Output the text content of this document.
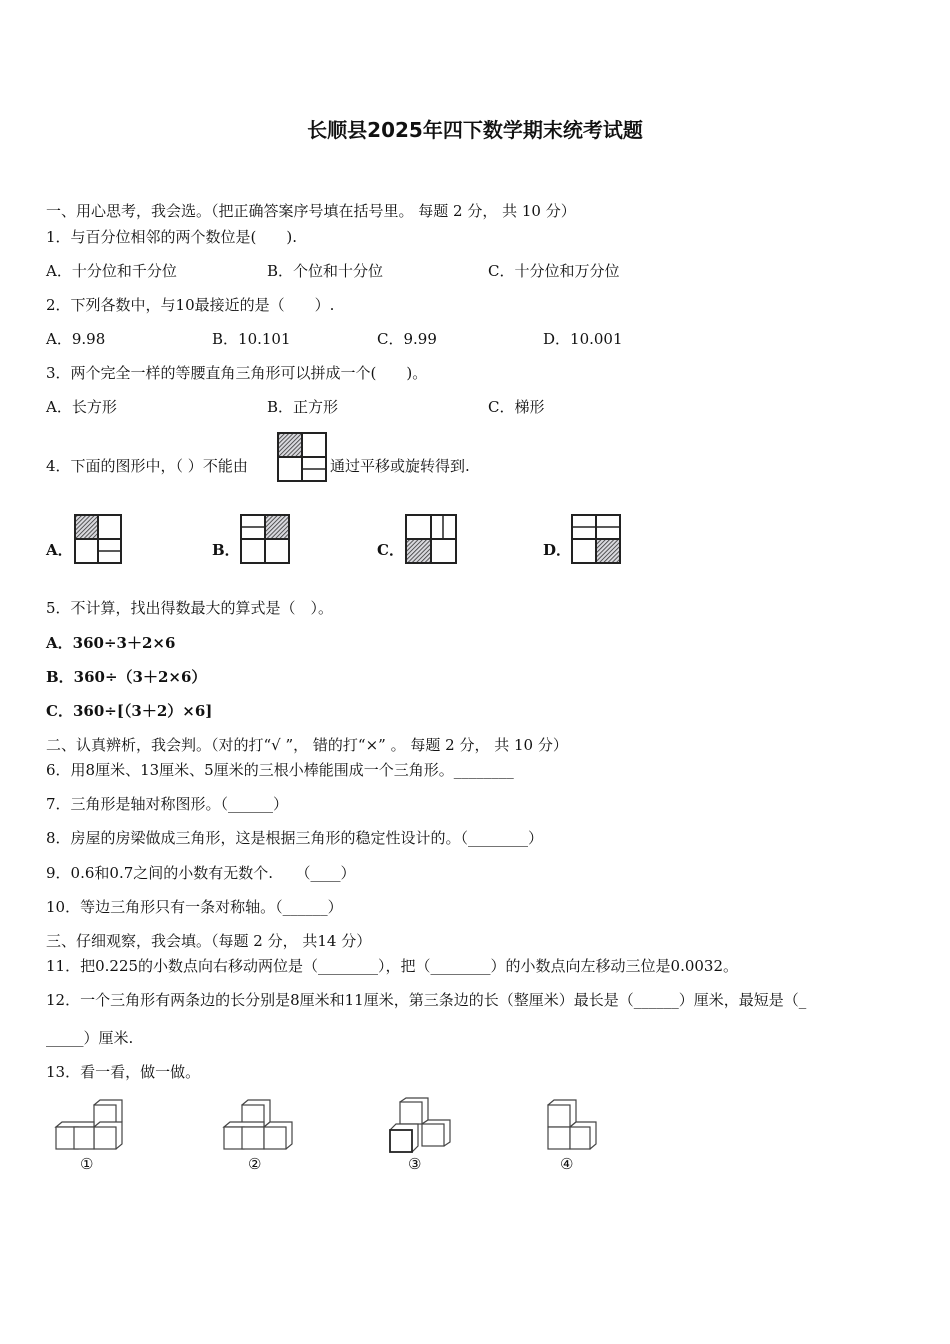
长顺县2025年四下数学期末统考试题
一、用心思考，我会选。（把正确答案序号填在括号里。 每题 2 分， 共 10 分）
1．与百分位相邻的两个数位是(　　).
A．十分位和千分位	B．个位和十分位	C．十分位和万分位
2．下列各数中，与10最接近的是（　　）.
A．9.98	B．10.101	C．9.99	D．10.001
3．两个完全一样的等腰直角三角形可以拼成一个(　　)。
A．长方形	B．正方形	C．梯形
4．下面的图形中，（ ）不能由	通过平移或旋转得到.
A．	B．	C．	D．
5．不计算，找出得数最大的算式是（　）。
A．360÷3＋2×6
B．360÷（3＋2×6）
C．360÷[（3＋2）×6]
二、认真辨析，我会判。（对的打“√ ”， 错的打“×” 。 每题 2 分， 共 10 分）
6．用8厘米、13厘米、5厘米的三根小棒能围成一个三角形。________
7．三角形是轴对称图形。（______）
8．房屋的房梁做成三角形，这是根据三角形的稳定性设计的。（________）
9．0.6和0.7之间的小数有无数个.　　（____）
10．等边三角形只有一条对称轴。（______）
三、仔细观察，我会填。（每题 2 分， 共14 分）
11．把0.225的小数点向右移动两位是（________），把（________）的小数点向左移动三位是0.0032。
12．一个三角形有两条边的长分别是8厘米和11厘米，第三条边的长（整厘米）最长是（______）厘米，最短是（_
_____）厘米.
13．看一看，做一做。
①	②	③	④
